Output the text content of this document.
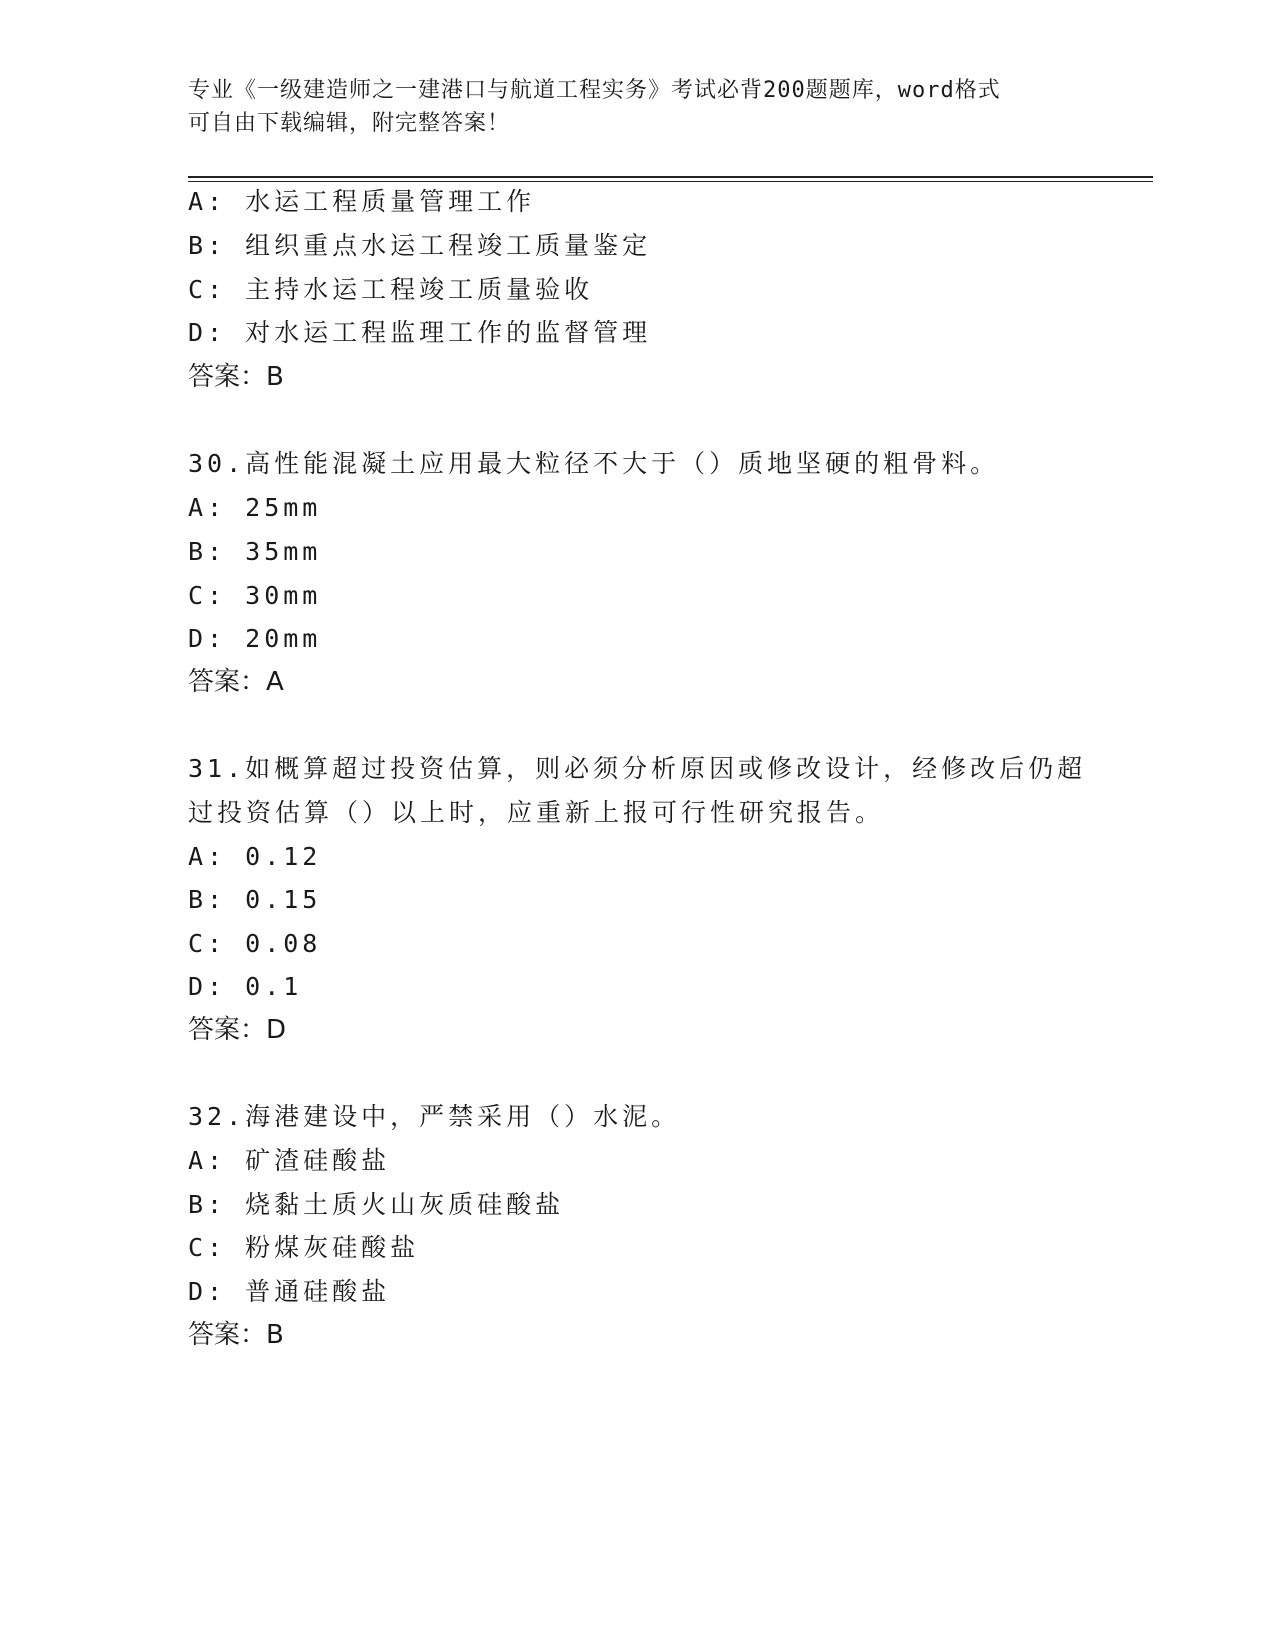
专业《一级建造师之一建港口与航道工程实务》考试必背200题题库，word格式
可自由下载编辑，附完整答案！
A: 水运工程质量管理工作
B: 组织重点水运工程竣工质量鉴定
C: 主持水运工程竣工质量验收
D: 对水运工程监理工作的监督管理
答案：B
30.高性能混凝土应用最大粒径不大于（）质地坚硬的粗骨料。
A: 25mm
B: 35mm
C: 30mm
D: 20mm
答案：A
31.如概算超过投资估算，则必须分析原因或修改设计，经修改后仍超
过投资估算（）以上时，应重新上报可行性研究报告。
A: 0.12
B: 0.15
C: 0.08
D: 0.1
答案：D
32.海港建设中，严禁采用（）水泥。
A: 矿渣硅酸盐
B: 烧黏土质火山灰质硅酸盐
C: 粉煤灰硅酸盐
D: 普通硅酸盐
答案：B
